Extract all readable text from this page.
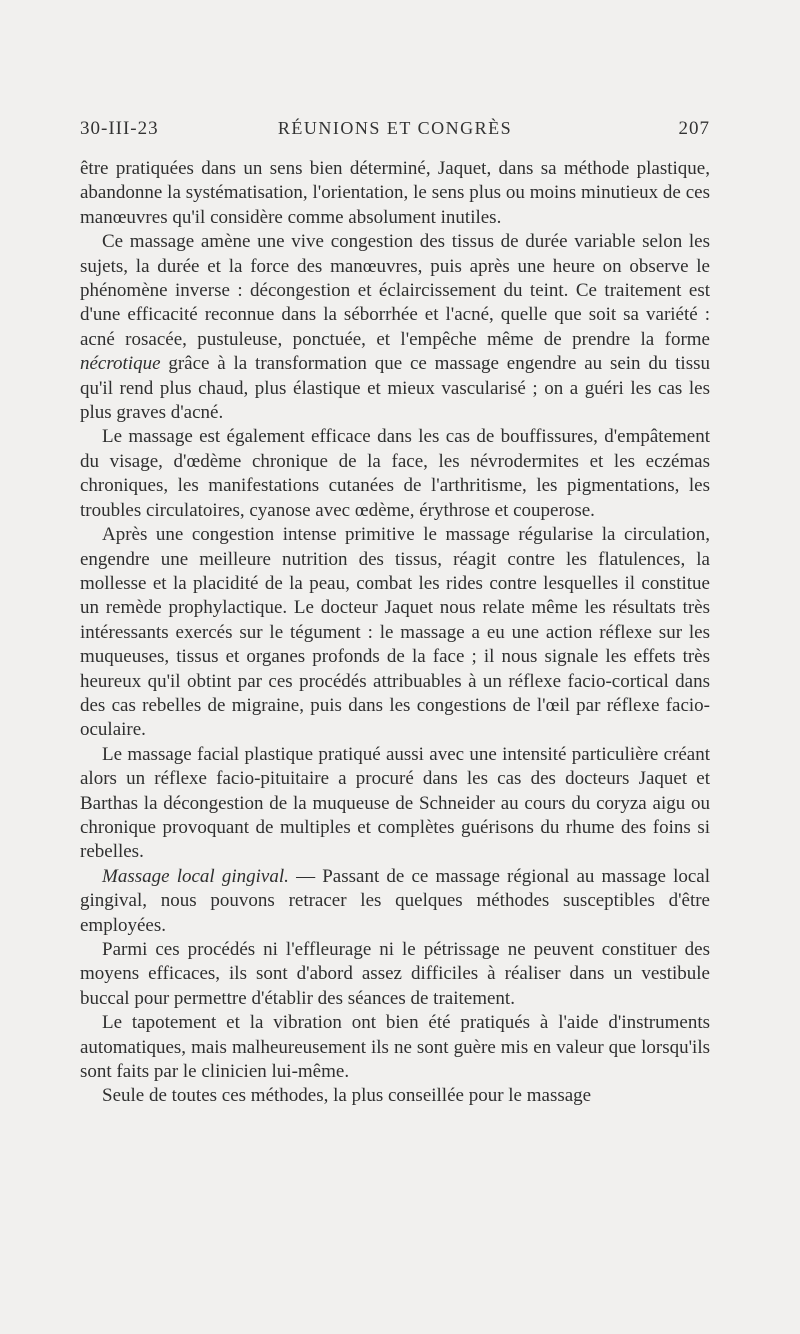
30-III-23	RÉUNIONS ET CONGRÈS	207

être pratiquées dans un sens bien déterminé, Jaquet, dans sa méthode plastique, abandonne la systématisation, l'orientation, le sens plus ou moins minutieux de ces manœuvres qu'il considère comme absolument inutiles.

Ce massage amène une vive congestion des tissus de durée variable selon les sujets, la durée et la force des manœuvres, puis après une heure on observe le phénomène inverse : décongestion et éclaircissement du teint. Ce traitement est d'une efficacité reconnue dans la séborrhée et l'acné, quelle que soit sa variété : acné rosacée, pustuleuse, ponctuée, et l'empêche même de prendre la forme nécrotique grâce à la transformation que ce massage engendre au sein du tissu qu'il rend plus chaud, plus élastique et mieux vascularisé ; on a guéri les cas les plus graves d'acné.

Le massage est également efficace dans les cas de bouffissures, d'empâtement du visage, d'œdème chronique de la face, les névrodermites et les eczémas chroniques, les manifestations cutanées de l'arthritisme, les pigmentations, les troubles circulatoires, cyanose avec œdème, érythrose et couperose.

Après une congestion intense primitive le massage régularise la circulation, engendre une meilleure nutrition des tissus, réagit contre les flatulences, la mollesse et la placidité de la peau, combat les rides contre lesquelles il constitue un remède prophylactique. Le docteur Jaquet nous relate même les résultats très intéressants exercés sur le tégument : le massage a eu une action réflexe sur les muqueuses, tissus et organes profonds de la face ; il nous signale les effets très heureux qu'il obtint par ces procédés attribuables à un réflexe facio-cortical dans des cas rebelles de migraine, puis dans les congestions de l'œil par réflexe facio-oculaire.

Le massage facial plastique pratiqué aussi avec une intensité particulière créant alors un réflexe facio-pituitaire a procuré dans les cas des docteurs Jaquet et Barthas la décongestion de la muqueuse de Schneider au cours du coryza aigu ou chronique provoquant de multiples et complètes guérisons du rhume des foins si rebelles.

Massage local gingival. — Passant de ce massage régional au massage local gingival, nous pouvons retracer les quelques méthodes susceptibles d'être employées.

Parmi ces procédés ni l'effleurage ni le pétrissage ne peuvent constituer des moyens efficaces, ils sont d'abord assez difficiles à réaliser dans un vestibule buccal pour permettre d'établir des séances de traitement.

Le tapotement et la vibration ont bien été pratiqués à l'aide d'instruments automatiques, mais malheureusement ils ne sont guère mis en valeur que lorsqu'ils sont faits par le clinicien lui-même.

Seule de toutes ces méthodes, la plus conseillée pour le massage
